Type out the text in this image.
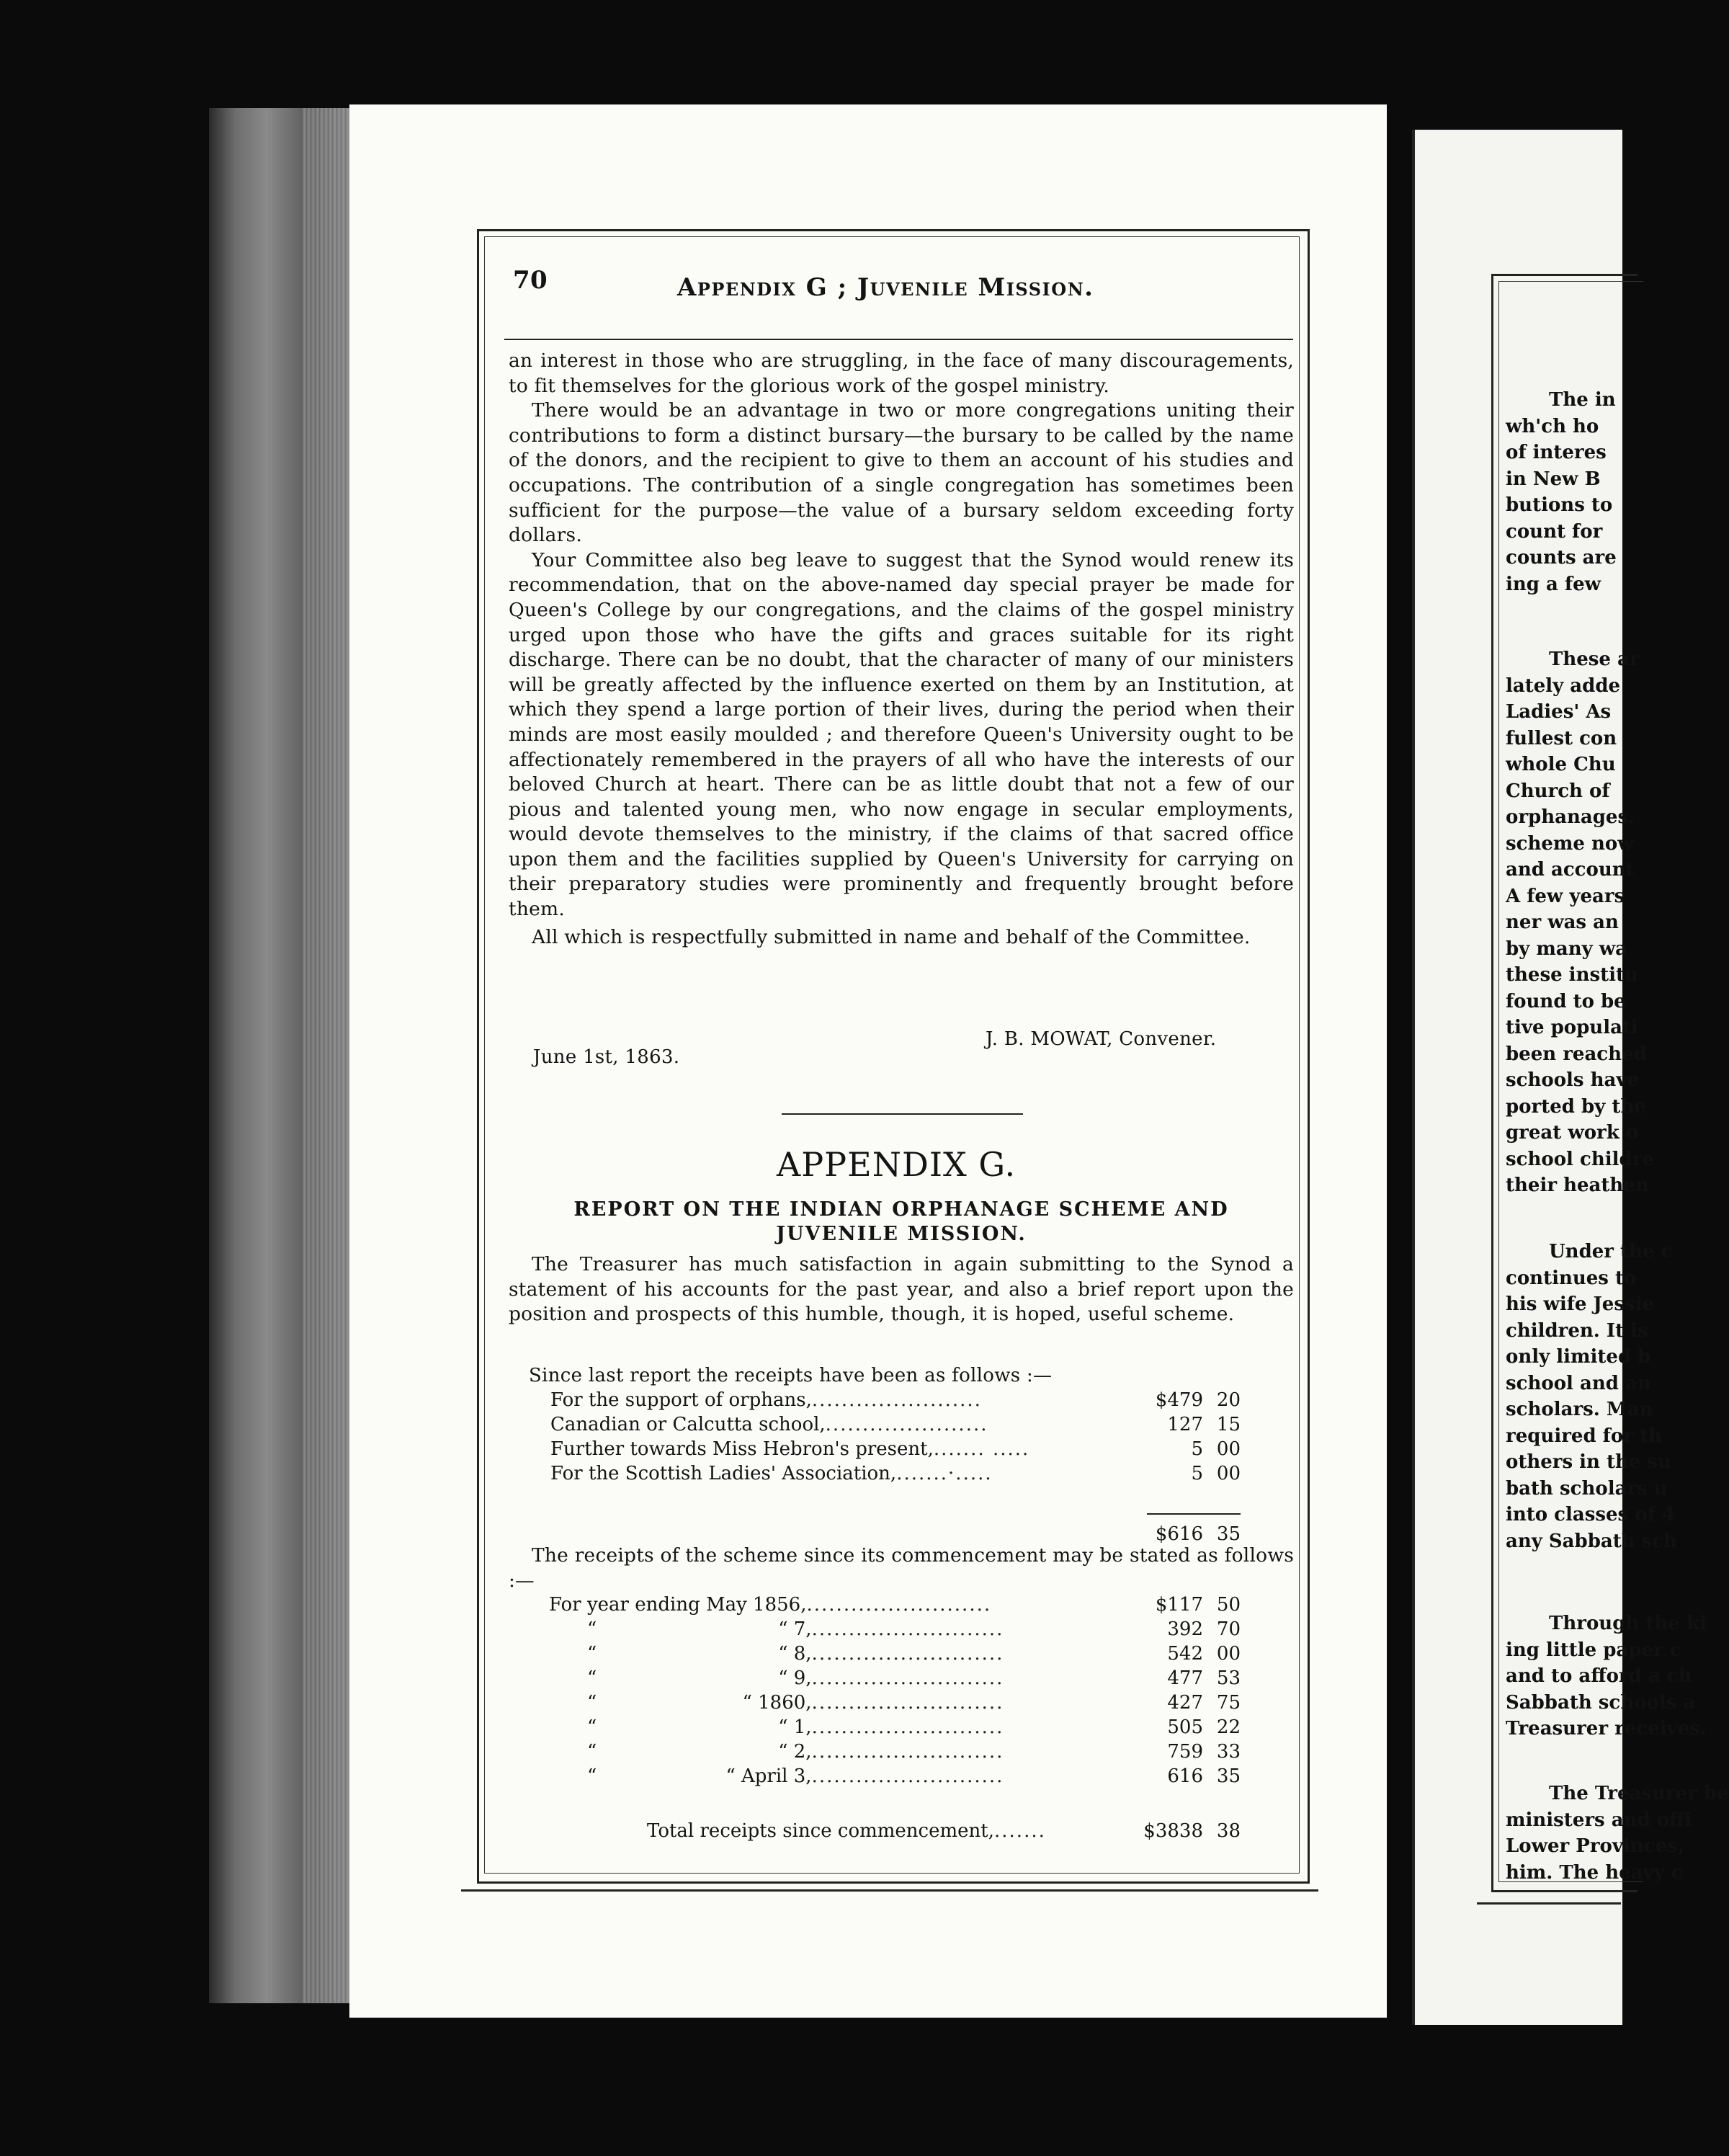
70	Appendix G ; Juvenile Mission.

an interest in those who are struggling, in the face of many discouragements, to fit themselves for the glorious work of the gospel ministry.

There would be an advantage in two or more congregations uniting their contributions to form a distinct bursary—the bursary to be called by the name of the donors, and the recipient to give to them an account of his studies and occupations. The contribution of a single congregation has sometimes been sufficient for the purpose—the value of a bursary seldom exceeding forty dollars.

Your Committee also beg leave to suggest that the Synod would renew its recommendation, that on the above-named day special prayer be made for Queen's College by our congregations, and the claims of the gospel ministry urged upon those who have the gifts and graces suitable for its right discharge. There can be no doubt, that the character of many of our ministers will be greatly affected by the influence exerted on them by an Institution, at which they spend a large portion of their lives, during the period when their minds are most easily moulded ; and therefore Queen's University ought to be affectionately remembered in the prayers of all who have the interests of our beloved Church at heart. There can be as little doubt that not a few of our pious and talented young men, who now engage in secular employments, would devote themselves to the ministry, if the claims of that sacred office upon them and the facilities supplied by Queen's University for carrying on their preparatory studies were prominently and frequently brought before them.

All which is respectfully submitted in name and behalf of the Committee.

J. B. MOWAT, Convener.
June 1st, 1863.
APPENDIX G.
REPORT ON THE INDIAN ORPHANAGE SCHEME AND JUVENILE MISSION.

The Treasurer has much satisfaction in again submitting to the Synod a statement of his accounts for the past year, and also a brief report upon the position and prospects of this humble, though, it is hoped, useful scheme.

Since last report the receipts have been as follows :—
For the support of orphans,.......................	$479 20
Canadian or Calcutta school,......................	127 15
Further towards Miss Hebron's present,....... .....	5 00
For the Scottish Ladies' Association,.......·.....	5 00
$616 35

The receipts of the scheme since its commencement may be stated as follows :—

For year ending May 1856,.........................	$117 50
“	“ 7,..........................	392 70
“	“ 8,..........................	542 00
“	“ 9,..........................	477 53
“	“ 1860,..........................	427 75
“	“ 1,..........................	505 22
“	“ 2,..........................	759 33
“	“ April 3,..........................	616 35
Total receipts since commencement,.......	$3838 38
The in
wh'ch ho
of interes
in New B
butions to
count for
counts are
ing a few
These ar
lately adde
Ladies' As
fullest con
whole Chu
Church of
orphanages.
scheme now
and account
A few years
ner was an
by many wa
these institu
found to be
tive populati
been reached
schools have
ported by the
great work o
school childre
their heathen
Under the c
continues to
his wife Jessie
children. It is
only limited b
school and an
scholars. Man
required for th
others in the su
bath scholars u
into classes of 4
any Sabbath sch
Through the ki
ing little paper c
and to afford a ch
Sabbath schools a
Treasurer receives.
The Treasurer be
ministers and offi
Lower Provinces,
him. The heavy c
